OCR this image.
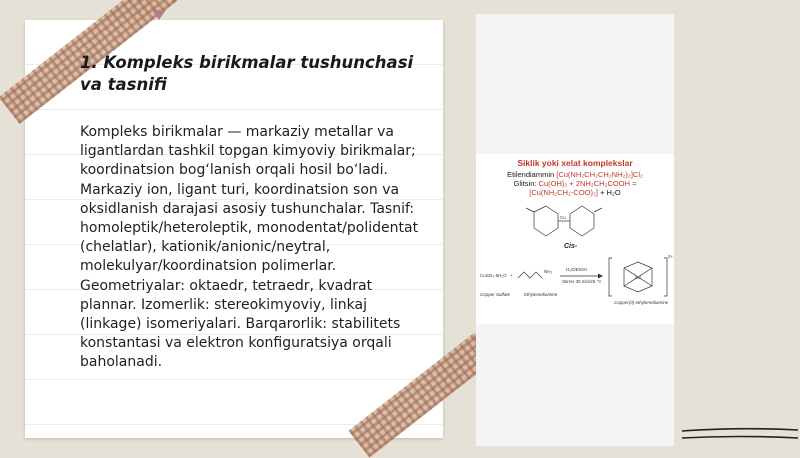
1. Kompleks birikmalar tushunchasi va tasnifi

Kompleks birikmalar — markaziy metallar va ligantlardan tashkil topgan kimyoviy birikmalar; koordinatsion bog‘lanish orqali hosil bo‘ladi. Markaziy ion, ligant turi, koordinatsion son va oksidlanish darajasi asosiy tushunchalar. Tasnif: homoleptik/heteroleptik, monodentat/polidentat (chelatlar), kationik/anionic/neytral, molekulyar/koordinatsion polimerlar. Geometriyalar: oktaedr, tetraedr, kvadrat plannar. Izomerlik: stereokimyoviy, linkaj (linkage) isomeriyalari. Barqarorlik: stabilitets konstantasi va elektron konfiguratsiya orqali baholanadi.

Siklik yoki xelat komplekslar
Etilendiammin [Cu(NH₂CH₂CH₂NH₂)₂]Cl₂
Glitsin: Cu(OH)₂ + 2NH₂CH₂COOH =
[Cu(NH₂CH₂-COO)₂] + H₂O
Cu
Cis-
CuSO₄·5H₂O +
NH₂	H₂O/EtOH
Stirrer 30 min/25 °C
Cu
2+
Copper Sulfate	Ethylenediamine
Copper(II) ethylenediamine
